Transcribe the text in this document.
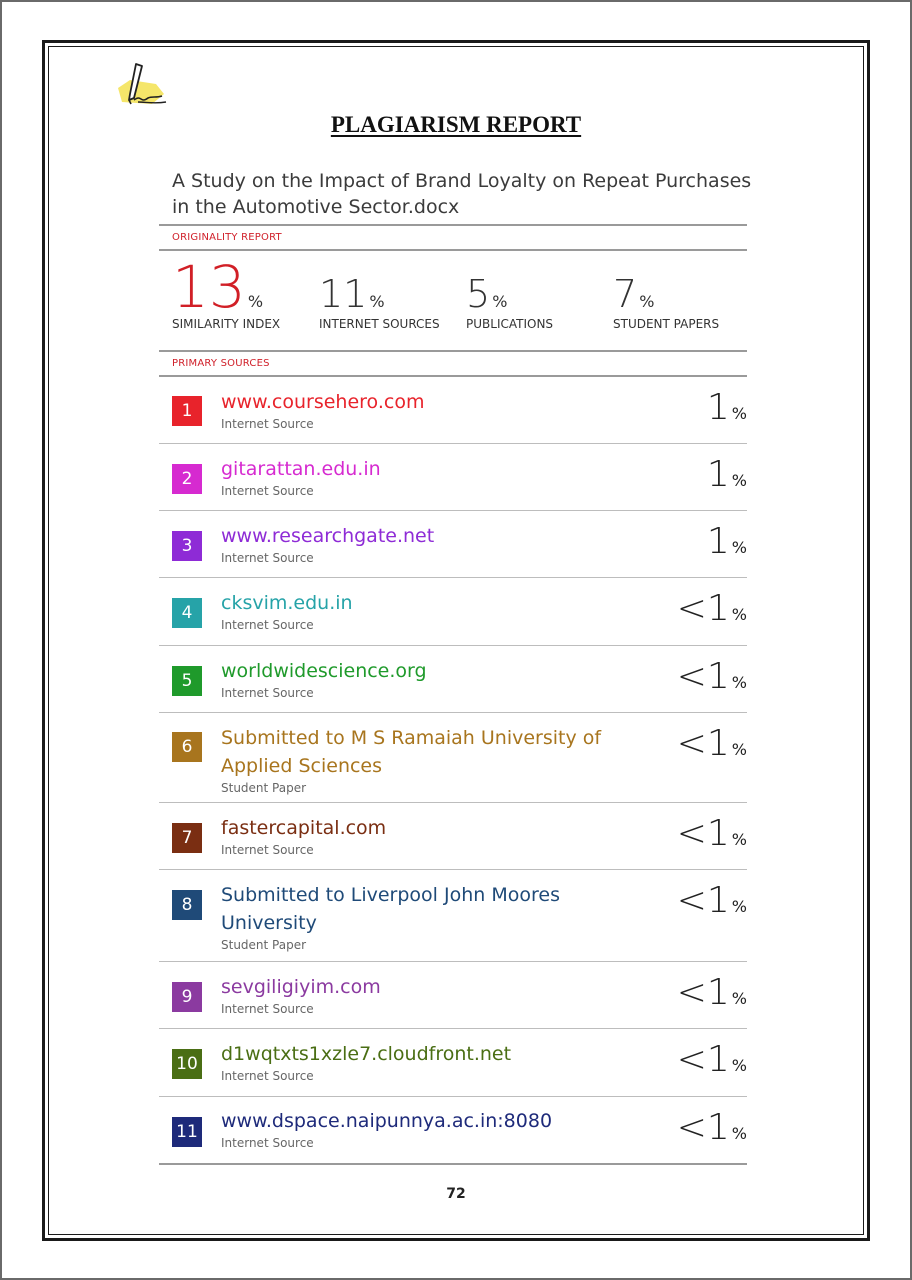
PLAGIARISM REPORT
A Study on the Impact of Brand Loyalty on Repeat Purchases in the Automotive Sector.docx
ORIGINALITY REPORT
13 %
SIMILARITY INDEX
11 %
INTERNET SOURCES
5 %
PUBLICATIONS
7 %
STUDENT PAPERS
PRIMARY SOURCES
1	www.coursehero.com
Internet Source	1 %
2	gitarattan.edu.in
Internet Source	1 %
3	www.researchgate.net
Internet Source	1 %
4	cksvim.edu.in
Internet Source	<1 %
5	worldwidescience.org
Internet Source	<1 %
6	Submitted to M S Ramaiah University of Applied Sciences
Student Paper
<1 %
7	fastercapital.com
Internet Source	<1 %
8	Submitted to Liverpool John Moores University
Student Paper
<1 %
9	sevgiligiyim.com
Internet Source	<1 %
10 d1wqtxts1xzle7.cloudfront.net
Internet Source	<1 %
11 www.dspace.naipunnya.ac.in:8080
Internet Source	<1 %
72
